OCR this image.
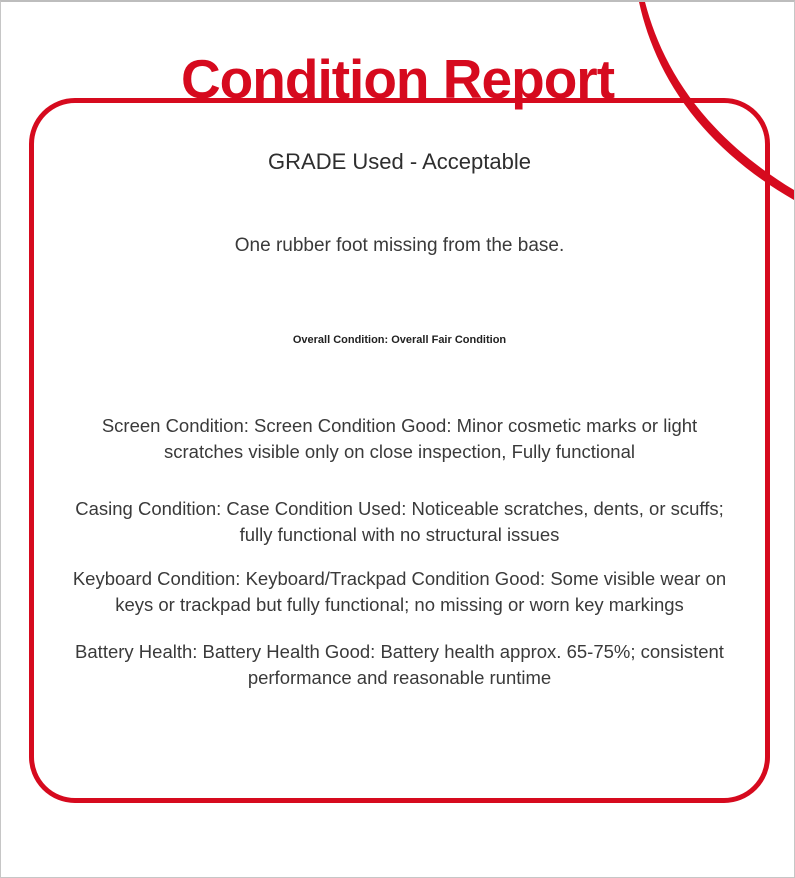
Condition Report
GRADE Used - Acceptable
One rubber foot missing from the base.
Overall Condition: Overall Fair Condition

Screen Condition: Screen Condition Good: Minor cosmetic marks or light scratches visible only on close inspection, Fully functional

Casing Condition: Case Condition Used: Noticeable scratches, dents, or scuffs; fully functional with no structural issues

Keyboard Condition: Keyboard/Trackpad Condition Good: Some visible wear on keys or trackpad but fully functional; no missing or worn key markings

Battery Health: Battery Health Good: Battery health approx. 65-75%; consistent performance and reasonable runtime
